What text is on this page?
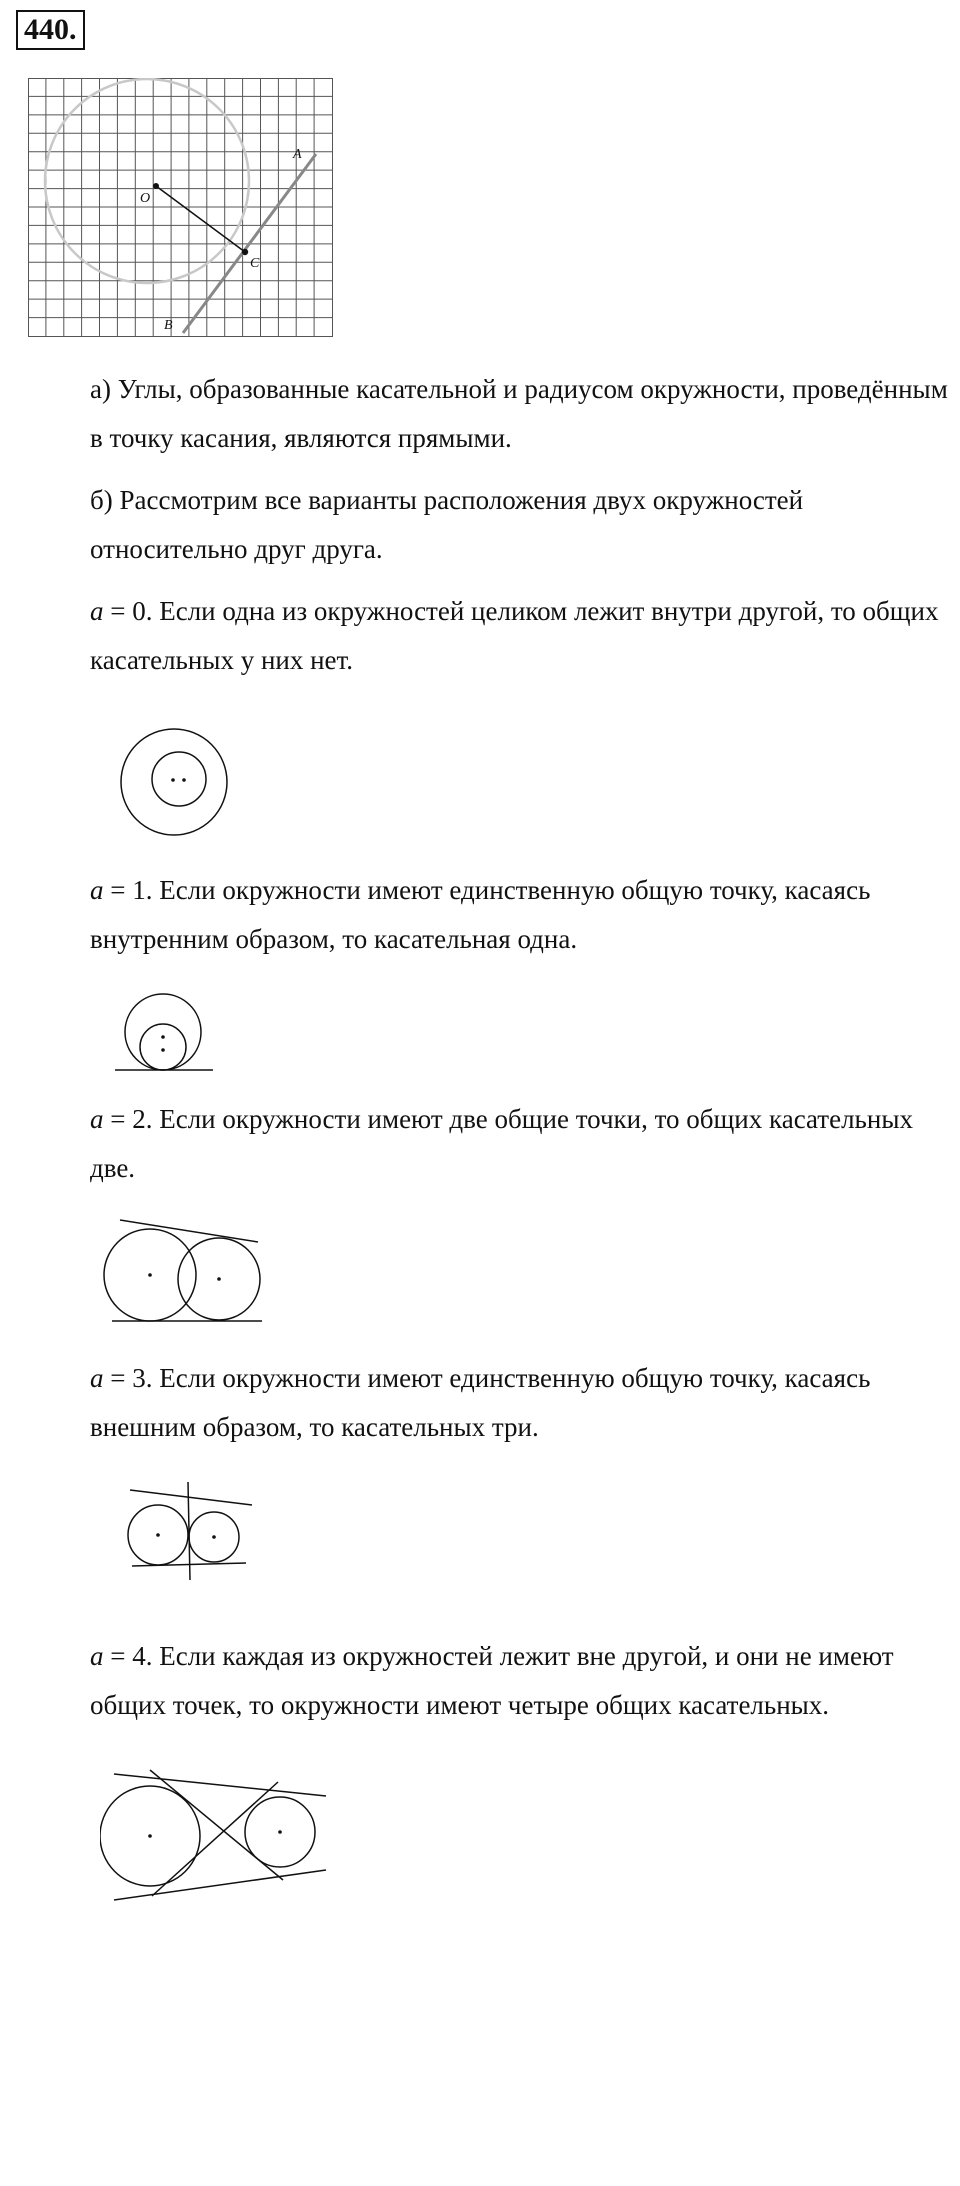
440.
O
C
A
B

а) Углы, образованные касательной и радиусом окружности, проведённым в точку касания, являются прямыми.

б) Рассмотрим все варианты расположения двух окружностей относительно друг друга.

a = 0. Если одна из окружностей целиком лежит внутри другой, то общих касательных у них нет.

a = 1. Если окружности имеют единственную общую точку, касаясь внутренним образом, то касательная одна.

a = 2. Если окружности имеют две общие точки, то общих касательных две.

a = 3. Если окружности имеют единственную общую точку, касаясь внешним образом, то касательных три.

a = 4. Если каждая из окружностей лежит вне другой, и они не имеют общих точек, то окружности имеют четыре общих касательных.
